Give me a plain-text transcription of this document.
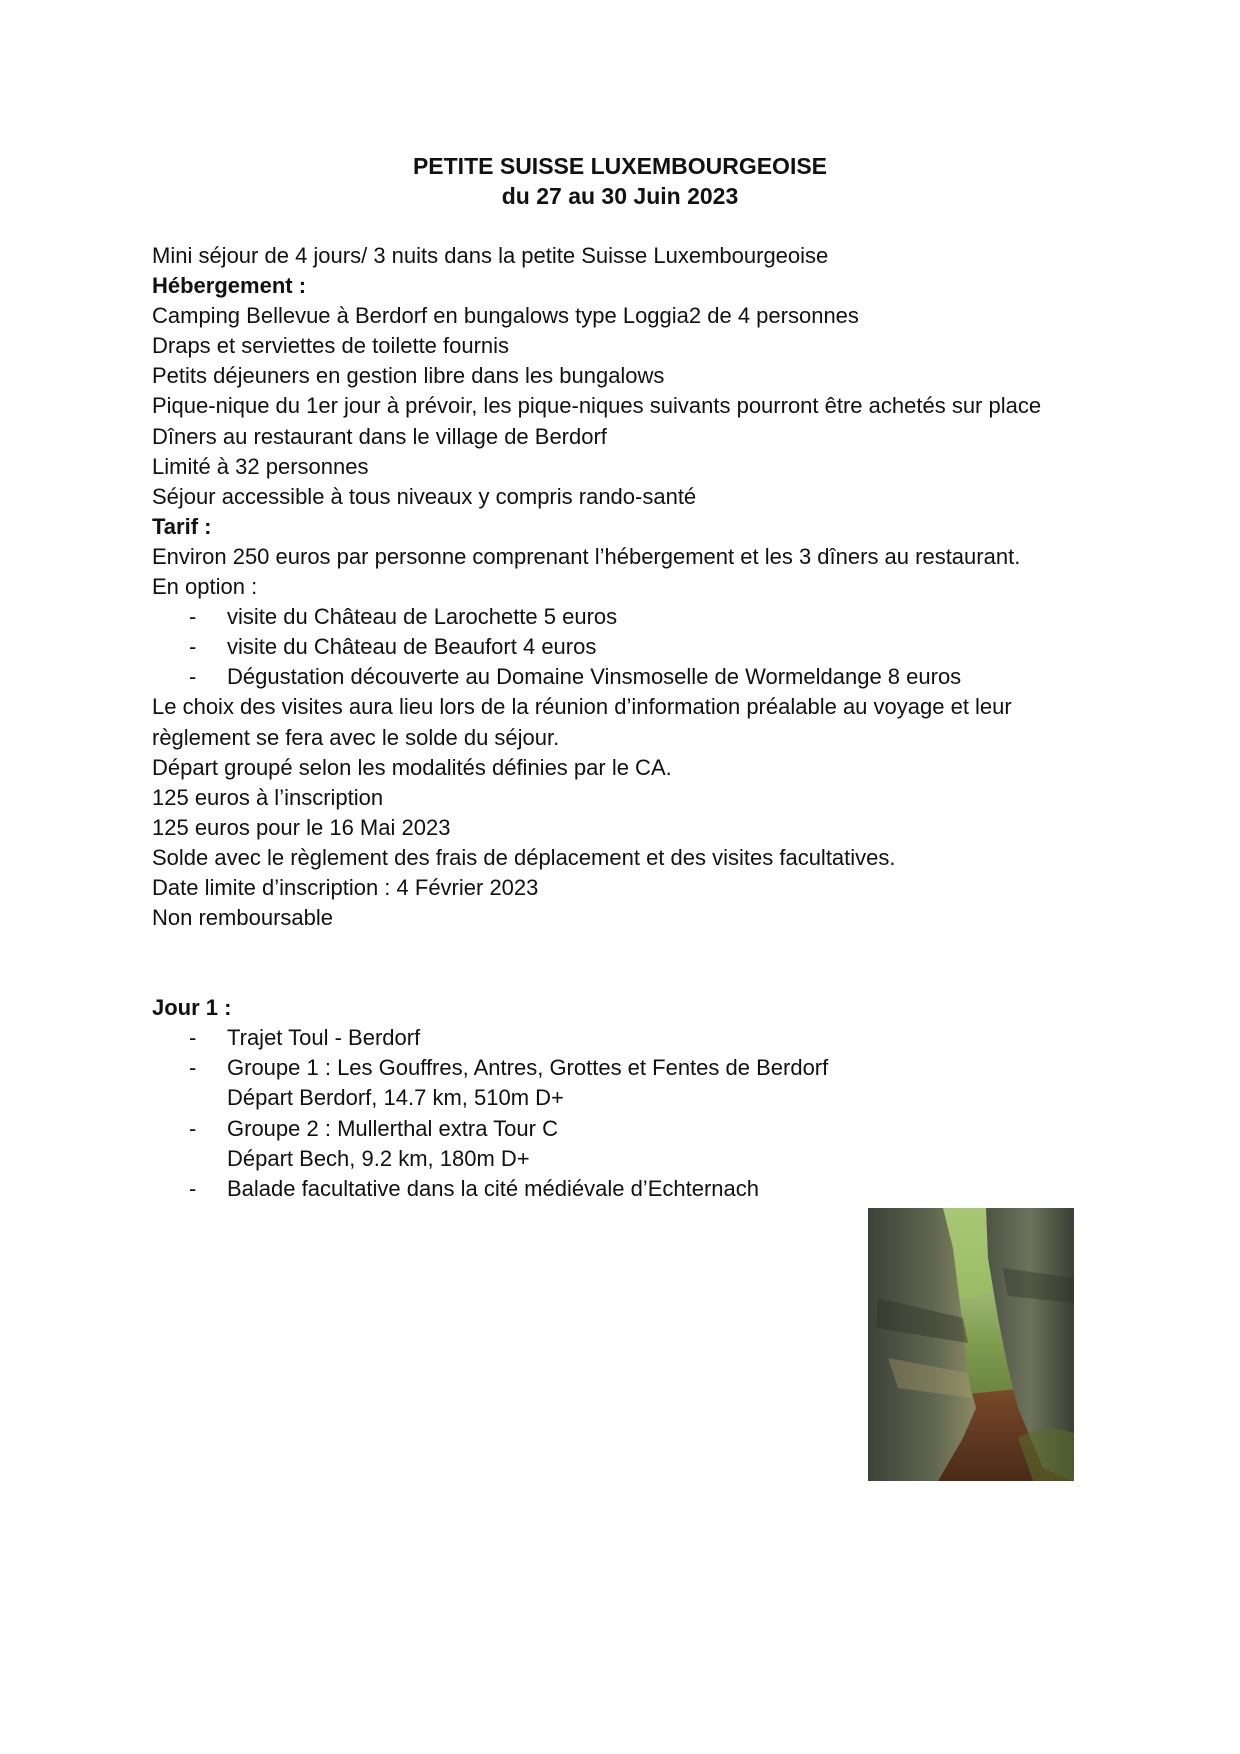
PETITE SUISSE LUXEMBOURGEOISE
du 27 au 30 Juin 2023
Mini séjour de 4 jours/ 3 nuits dans la petite Suisse Luxembourgeoise
Hébergement :
Camping Bellevue à Berdorf en bungalows type Loggia2 de 4 personnes
Draps et serviettes de toilette fournis
Petits déjeuners en gestion libre dans les bungalows
Pique-nique du 1er jour à prévoir, les pique-niques suivants pourront être achetés sur place
Dîners au restaurant dans le village de Berdorf
Limité à 32 personnes
Séjour accessible à tous niveaux y compris rando-santé
Tarif :
Environ 250 euros par personne comprenant l’hébergement et les 3 dîners au restaurant.
En option :
- visite du Château de Larochette 5 euros
- visite du Château de Beaufort 4 euros
- Dégustation découverte au Domaine Vinsmoselle de Wormeldange 8 euros
Le choix des visites aura lieu lors de la réunion d’information préalable au voyage et leur
règlement se fera avec le solde du séjour.
Départ groupé selon les modalités définies par le CA.
125 euros à l’inscription
125 euros pour le 16 Mai 2023
Solde avec le règlement des frais de déplacement et des visites facultatives.
Date limite d’inscription : 4 Février 2023
Non remboursable
Jour 1 :
- Trajet Toul - Berdorf
- Groupe 1 : Les Gouffres, Antres, Grottes et Fentes de Berdorf
Départ Berdorf, 14.7 km, 510m D+
- Groupe 2 : Mullerthal extra Tour C
Départ Bech, 9.2 km, 180m D+
- Balade facultative dans la cité médiévale d’Echternach
